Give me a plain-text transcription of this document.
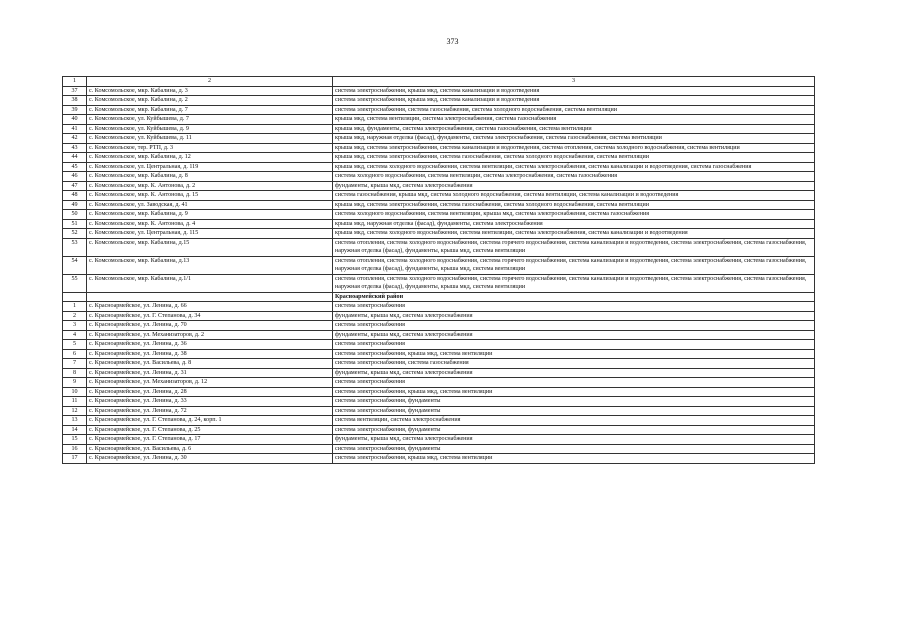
373
1	2	3
37	с. Комсомольское, мкр. Кабалина, д. 3	система электроснабжения, крыша мкд, система канализации и водоотведения
38	с. Комсомольское, мкр. Кабалина, д. 2	система электроснабжения, крыша мкд, система канализации и водоотведения
39	с. Комсомольское, мкр. Кабалина, д. 7	система электроснабжения, система газоснабжения, система холодного водоснабжения, система вентиляции
40	с. Комсомольское, ул. Куйбышева, д. 7	крыша мкд, система вентиляции, система электроснабжения, система газоснабжения
41	с. Комсомольское, ул. Куйбышева, д. 9	крыша мкд, фундаменты, система электроснабжения, система газоснабжения, система вентиляции
42	с. Комсомольское, ул. Куйбышева, д. 11	крыша мкд, наружная отделка (фасад), фундаменты, система электроснабжения, система газоснабжения, система вентиляции
43	с. Комсомольское, тер. РТП, д. 3	крыша мкд, система электроснабжения, система канализации и водоотведения, система отопления, система холодного водоснабжения, система вентиляции
44	с. Комсомольское, мкр. Кабалина, д. 12	крыша мкд, система электроснабжения, система газоснабжения, система холодного водоснабжения, система вентиляции
45	с. Комсомольское, ул. Центральная, д. 119	крыша мкд, система холодного водоснабжения, система вентиляции, система электроснабжения, система канализации и водоотведения, система газоснабжения
46	с. Комсомольское, мкр. Кабалина, д. 8	система холодного водоснабжения, система вентиляции, система электроснабжения, система газоснабжения
47	с. Комсомольское, мкр. К. Антонова, д. 2	фундаменты, крыша мкд, система электроснабжения
48	с. Комсомольское, мкр. К. Антонова, д. 15	система газоснабжения, крыша мкд, система холодного водоснабжения, система вентиляции, система канализации и водоотведения
49	с. Комсомольское, ул. Заводская, д. 41	крыша мкд, система электроснабжения, система газоснабжения, система холодного водоснабжения, система вентиляции
50	с. Комсомольское, мкр. Кабалина, д. 9	система холодного водоснабжения, система вентиляции, крыша мкд, система электроснабжения, система газоснабжения
51	с. Комсомольское, мкр. К. Антонова, д. 4	крыша мкд, наружная отделка (фасад), фундаменты, система электроснабжения
52	с. Комсомольское, ул. Центральная, д. 115	крыша мкд, система холодного водоснабжения, система вентиляции, система электроснабжения, система канализации и водоотведения
53	с. Комсомольское, мкр. Кабалина, д.15	система отопления, система холодного водоснабжения, система горячего водоснабжения, система канализации и водоотведения, система электроснабжения, система газоснабжения, наружная отделка (фасад), фундаменты, крыша мкд, система вентиляции
54	с. Комсомольское, мкр. Кабалина, д.13	система отопления, система холодного водоснабжения, система горячего водоснабжения, система канализации и водоотведения, система электроснабжения, система газоснабжения, наружная отделка (фасад), фундаменты, крыша мкд, система вентиляции
55	с. Комсомольское, мкр. Кабалина, д.1/1	система отопления, система холодного водоснабжения, система горячего водоснабжения, система канализации и водоотведения, система электроснабжения, система газоснабжения, наружная отделка (фасад), фундаменты, крыша мкд, система вентиляции
		Красноармейский район
1	с. Красноармейское, ул. Ленина, д. 66	система электроснабжения
2	с. Красноармейское, ул. Г. Степанова, д. 34	фундаменты, крыша мкд, система электроснабжения
3	с. Красноармейское, ул. Ленина, д. 70	система электроснабжения
4	с. Красноармейское, ул. Механизаторов, д. 2	фундаменты, крыша мкд, система электроснабжения
5	с. Красноармейское, ул. Ленина, д. 36	система электроснабжения
6	с. Красноармейское, ул. Ленина, д. 38	система электроснабжения, крыша мкд, система вентиляции
7	с. Красноармейское, ул. Васильева, д. 8	система электроснабжения, система газоснабжения
8	с. Красноармейское, ул. Ленина, д. 31	фундаменты, крыша мкд, система электроснабжения
9	с. Красноармейское, ул. Механизаторов, д. 12	система электроснабжения
10	с. Красноармейское, ул. Ленина, д. 28	система электроснабжения, крыша мкд, система вентиляции
11	с. Красноармейское, ул. Ленина, д. 33	система электроснабжения, фундаменты
12	с. Красноармейское, ул. Ленина, д. 72	система электроснабжения, фундаменты
13	с. Красноармейское, ул. Г. Степанова, д. 24, корп. 1	система вентиляции, система электроснабжения
14	с. Красноармейское, ул. Г. Степанова, д. 25	система электроснабжения, фундаменты
15	с. Красноармейское, ул. Г. Степанова, д. 17	фундаменты, крыша мкд, система электроснабжения
16	с. Красноармейское, ул. Васильева, д. 6	система электроснабжения, фундаменты
17	с. Красноармейское, ул. Ленина, д. 30	система электроснабжения, крыша мкд, система вентиляции
